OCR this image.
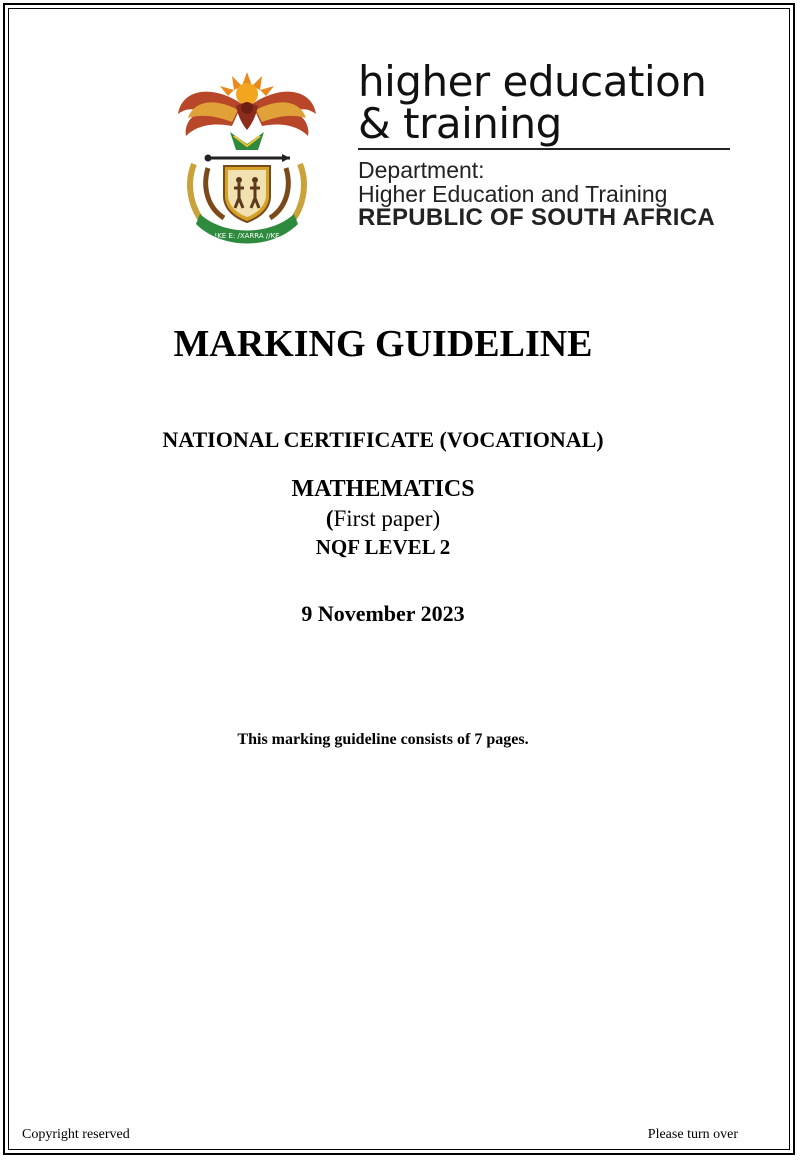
!KE E: /XARRA //KE
higher education
& training
Department:
Higher Education and Training
REPUBLIC OF SOUTH AFRICA
MARKING GUIDELINE
NATIONAL CERTIFICATE (VOCATIONAL)
MATHEMATICS
(First paper)
NQF LEVEL 2
9 November 2023
This marking guideline consists of 7 pages.
Copyright reserved	Please turn over
